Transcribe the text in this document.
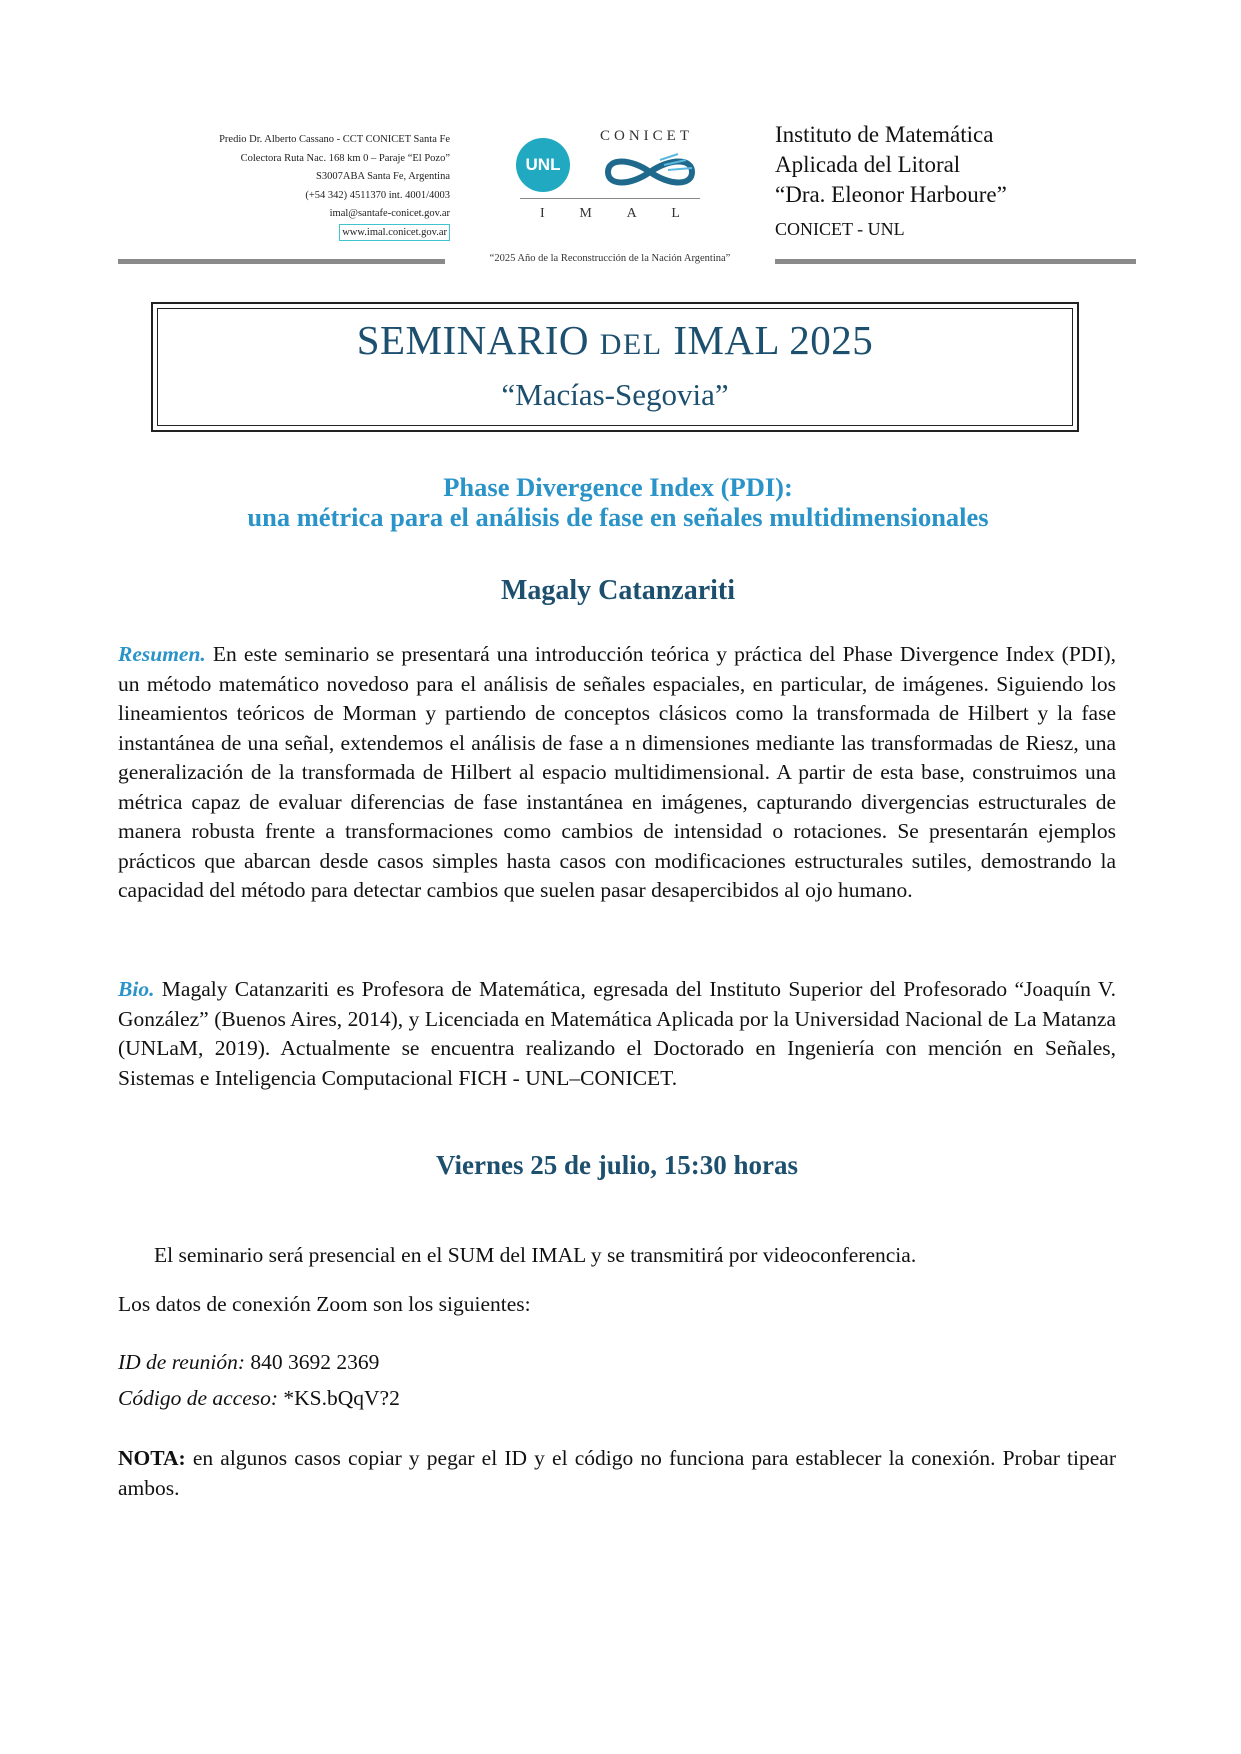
Predio Dr. Alberto Cassano - CCT CONICET Santa Fe
Colectora Ruta Nac. 168 km 0 – Paraje “El Pozo”
S3007ABA Santa Fe, Argentina
(+54 342) 4511370 int. 4001/4003
imal@santafe-conicet.gov.ar
www.imal.conicet.gov.ar
UNL
CONICET
I M A L
Instituto de Matemática
Aplicada del Litoral
“Dra. Eleonor Harboure”
CONICET - UNL
“2025 Año de la Reconstrucción de la Nación Argentina”
SEMINARIO DEL IMAL 2025
“Macías-Segovia”
Phase Divergence Index (PDI):
una métrica para el análisis de fase en señales multidimensionales
Magaly Catanzariti
Resumen. En este seminario se presentará una introducción teórica y práctica del Phase Divergence Index (PDI), un método matemático novedoso para el análisis de señales espaciales, en particular, de imágenes. Siguiendo los lineamientos teóricos de Morman y partiendo de conceptos clásicos como la transformada de Hilbert y la fase instantánea de una señal, extendemos el análisis de fase a n dimensiones mediante las transformadas de Riesz, una generalización de la transformada de Hilbert al espacio multidimensional. A partir de esta base, construimos una métrica capaz de evaluar diferencias de fase instantánea en imágenes, capturando divergencias estructurales de manera robusta frente a transformaciones como cambios de intensidad o rotaciones. Se presentarán ejemplos prácticos que abarcan desde casos simples hasta casos con modificaciones estructurales sutiles, demostrando la capacidad del método para detectar cambios que suelen pasar desapercibidos al ojo humano.
Bio. Magaly Catanzariti es Profesora de Matemática, egresada del Instituto Superior del Profesorado “Joaquín V. González” (Buenos Aires, 2014), y Licenciada en Matemática Aplicada por la Universidad Nacional de La Matanza (UNLaM, 2019). Actualmente se encuentra realizando el Doctorado en Ingeniería con mención en Señales, Sistemas e Inteligencia Computacional FICH - UNL–CONICET.
Viernes 25 de julio, 15:30 horas
El seminario será presencial en el SUM del IMAL y se transmitirá por videoconferencia.
Los datos de conexión Zoom son los siguientes:
ID de reunión: 840 3692 2369
Código de acceso: *KS.bQqV?2
NOTA: en algunos casos copiar y pegar el ID y el código no funciona para establecer la conexión. Probar tipear ambos.
